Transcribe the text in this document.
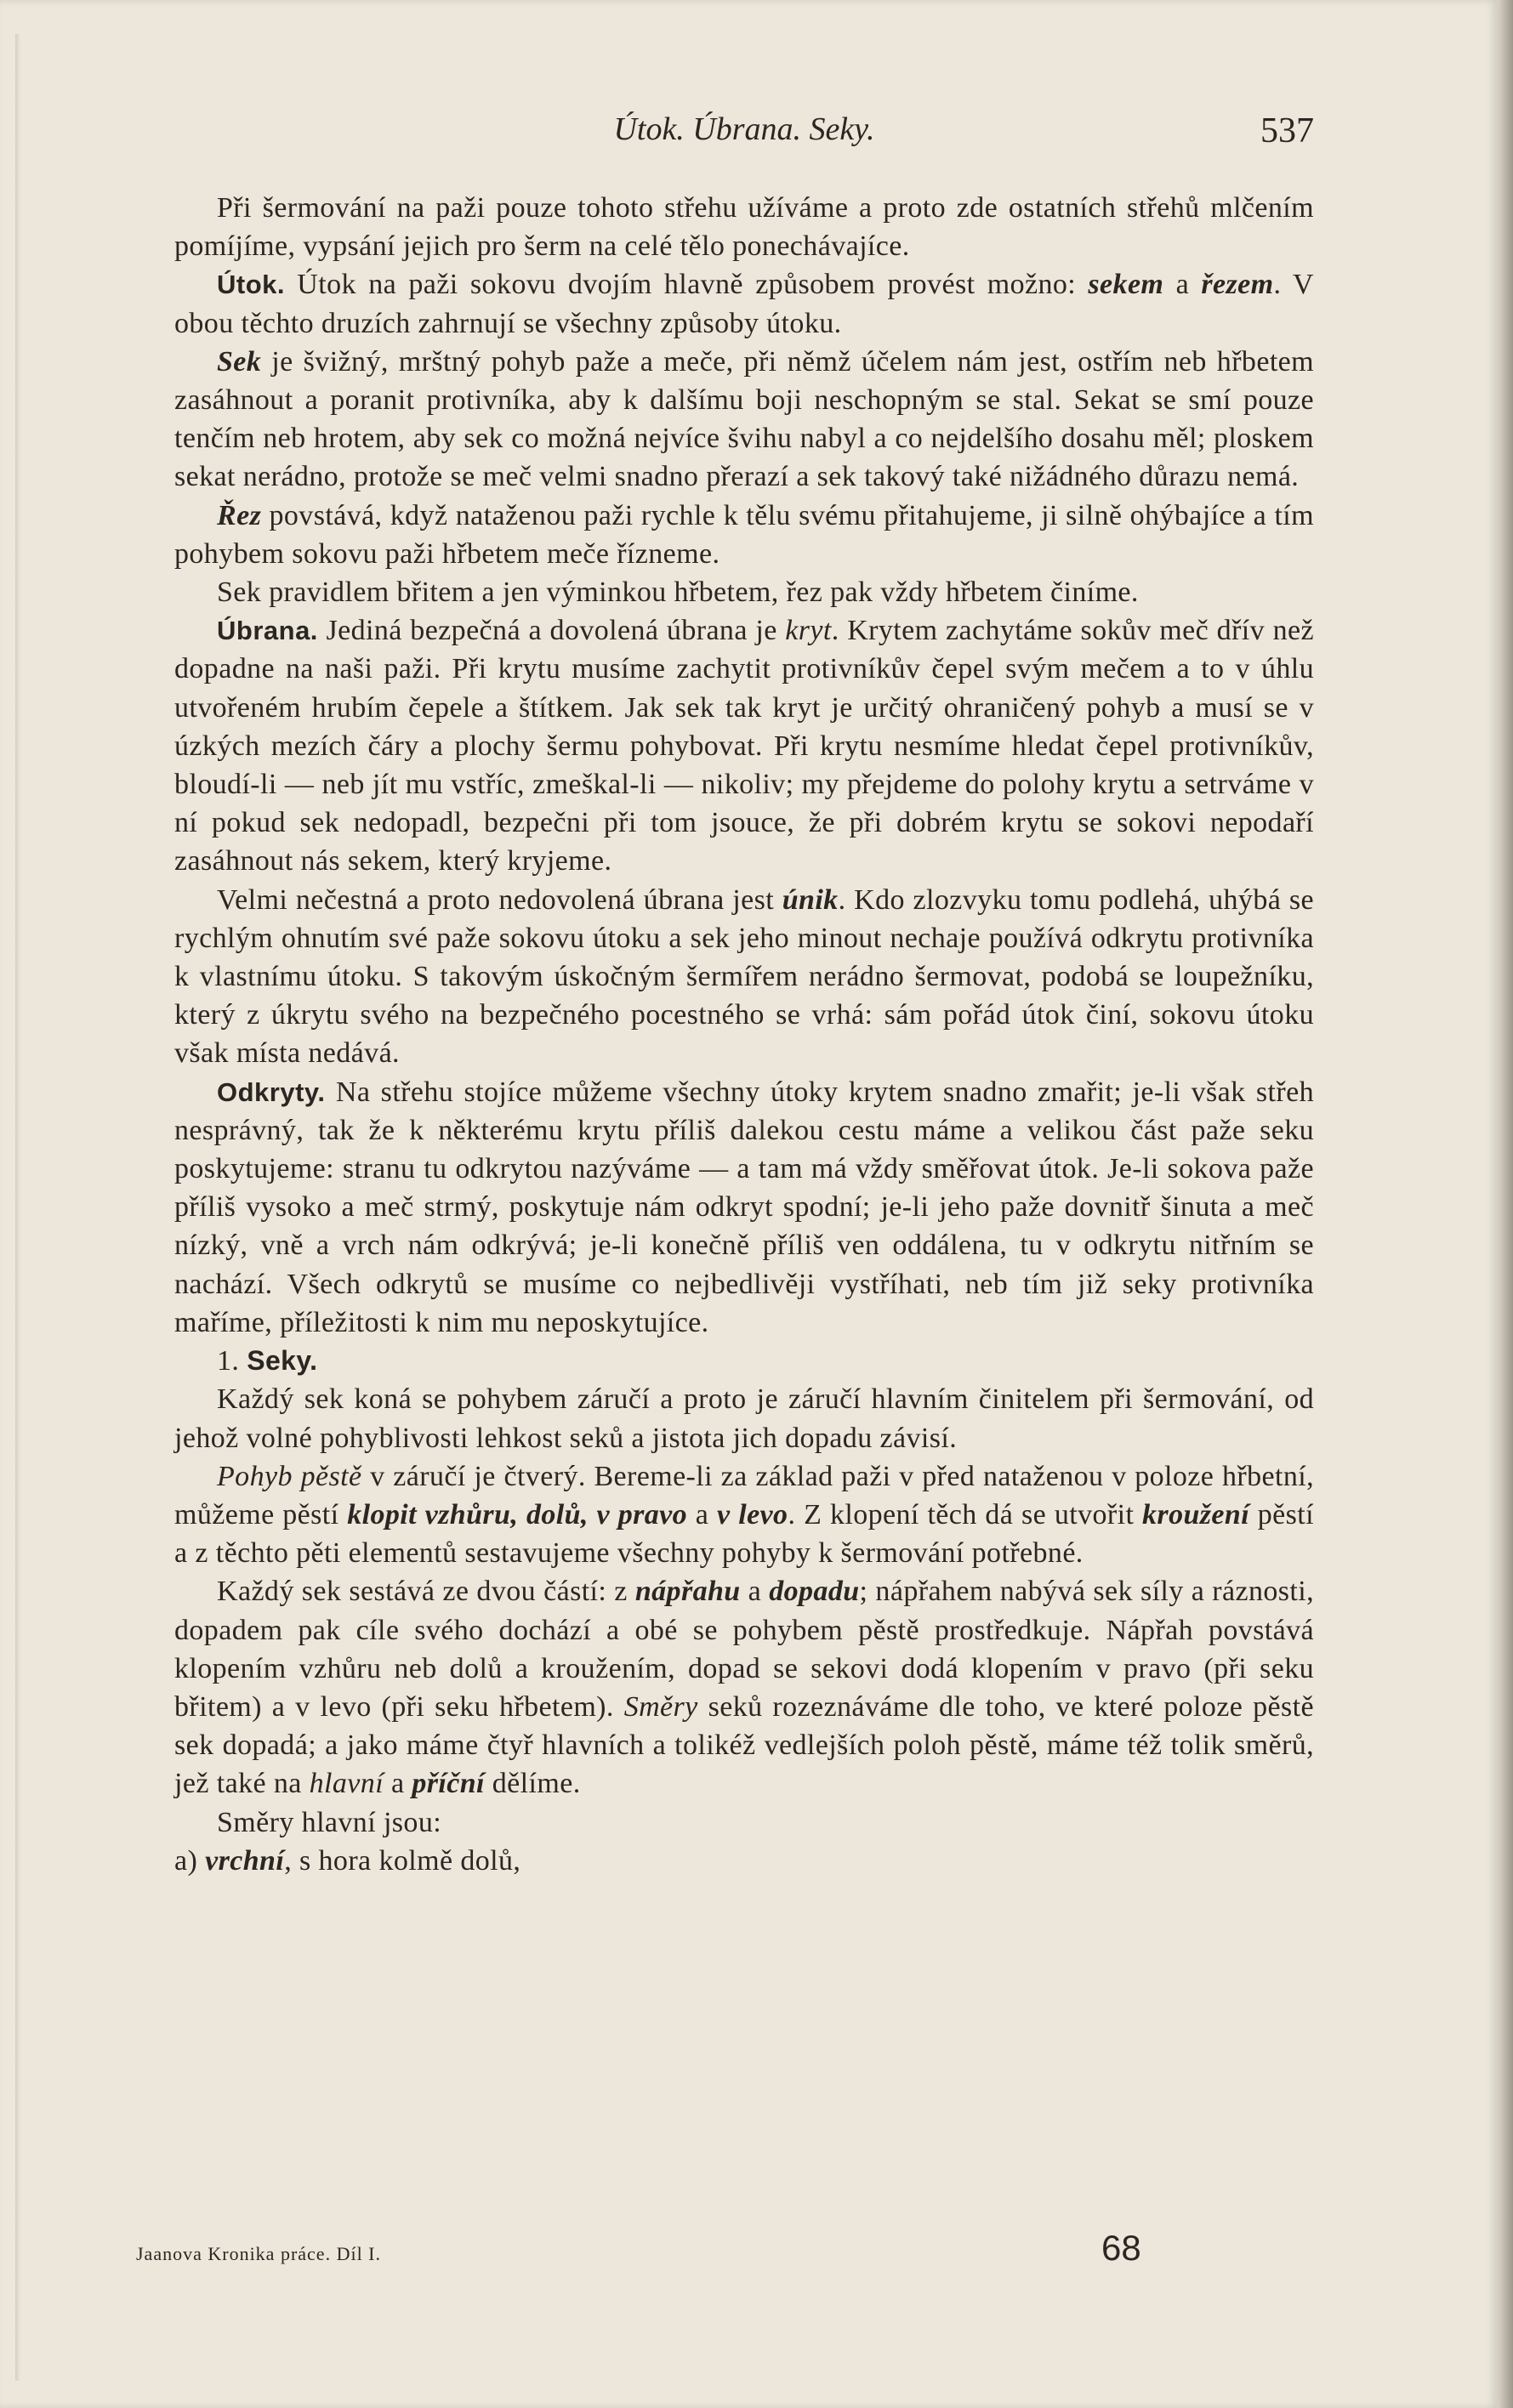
Útok. Úbrana. Seky.	537

Při šermování na paži pouze tohoto střehu užíváme a proto zde ostatních střehů mlčením pomíjíme, vypsání jejich pro šerm na celé tělo ponechávajíce.

Útok. Útok na paži sokovu dvojím hlavně způsobem provést možno: sekem a řezem. V obou těchto druzích zahrnují se všechny způsoby útoku.

Sek je švižný, mrštný pohyb paže a meče, při němž účelem nám jest, ostřím neb hřbetem zasáhnout a poranit protivníka, aby k dalšímu boji neschopným se stal. Sekat se smí pouze tenčím neb hrotem, aby sek co možná nejvíce švihu nabyl a co nejdelšího dosahu měl; ploskem sekat nerádno, protože se meč velmi snadno přerazí a sek takový také nižádného důrazu nemá.

Řez povstává, když nataženou paži rychle k tělu svému přitahujeme, ji silně ohýbajíce a tím pohybem sokovu paži hřbetem meče řízneme.

Sek pravidlem břitem a jen výminkou hřbetem, řez pak vždy hřbetem činíme.

Úbrana. Jediná bezpečná a dovolená úbrana je kryt. Krytem zachytáme sokův meč dřív než dopadne na naši paži. Při krytu musíme zachytit protivníkův čepel svým mečem a to v úhlu utvořeném hrubím čepele a štítkem. Jak sek tak kryt je určitý ohraničený pohyb a musí se v úzkých mezích čáry a plochy šermu pohybovat. Při krytu nesmíme hledat čepel protivníkův, bloudí-li — neb jít mu vstříc, zmeškal-li — nikoliv; my přejdeme do polohy krytu a setrváme v ní pokud sek nedopadl, bezpečni při tom jsouce, že při dobrém krytu se sokovi nepodaří zasáhnout nás sekem, který kryjeme.

Velmi nečestná a proto nedovolená úbrana jest únik. Kdo zlozvyku tomu podlehá, uhýbá se rychlým ohnutím své paže sokovu útoku a sek jeho minout nechaje používá odkrytu protivníka k vlastnímu útoku. S takovým úskočným šermířem nerádno šermovat, podobá se loupežníku, který z úkrytu svého na bezpečného pocestného se vrhá: sám pořád útok činí, sokovu útoku však místa nedává.

Odkryty. Na střehu stojíce můžeme všechny útoky krytem snadno zmařit; je-li však střeh nesprávný, tak že k některému krytu příliš dalekou cestu máme a velikou část paže seku poskytujeme: stranu tu odkrytou nazýváme — a tam má vždy směřovat útok. Je-li sokova paže příliš vysoko a meč strmý, poskytuje nám odkryt spodní; je-li jeho paže dovnitř šinuta a meč nízký, vně a vrch nám odkrývá; je-li konečně příliš ven oddálena, tu v odkrytu nitřním se nachází. Všech odkrytů se musíme co nejbedlivěji vystříhati, neb tím již seky protivníka maříme, příležitosti k nim mu neposkytujíce.

1. Seky.

Každý sek koná se pohybem záručí a proto je záručí hlavním činitelem při šermování, od jehož volné pohyblivosti lehkost seků a jistota jich dopadu závisí.

Pohyb pěstě v záručí je čtverý. Bereme-li za základ paži v před nataženou v poloze hřbetní, můžeme pěstí klopit vzhůru, dolů, v pravo a v levo. Z klopení těch dá se utvořit kroužení pěstí a z těchto pěti elementů sestavujeme všechny pohyby k šermování potřebné.

Každý sek sestává ze dvou částí: z nápřahu a dopadu; nápřahem nabývá sek síly a ráznosti, dopadem pak cíle svého dochází a obé se pohybem pěstě prostředkuje. Nápřah povstává klopením vzhůru neb dolů a kroužením, dopad se sekovi dodá klopením v pravo (při seku břitem) a v levo (při seku hřbetem). Směry seků rozeznáváme dle toho, ve které poloze pěstě sek dopadá; a jako máme čtyř hlavních a tolikéž vedlejších poloh pěstě, máme též tolik směrů, jež také na hlavní a příční dělíme.

Směry hlavní jsou:

a) vrchní, s hora kolmě dolů,

Jaanova Kronika práce. Díl I.	68
